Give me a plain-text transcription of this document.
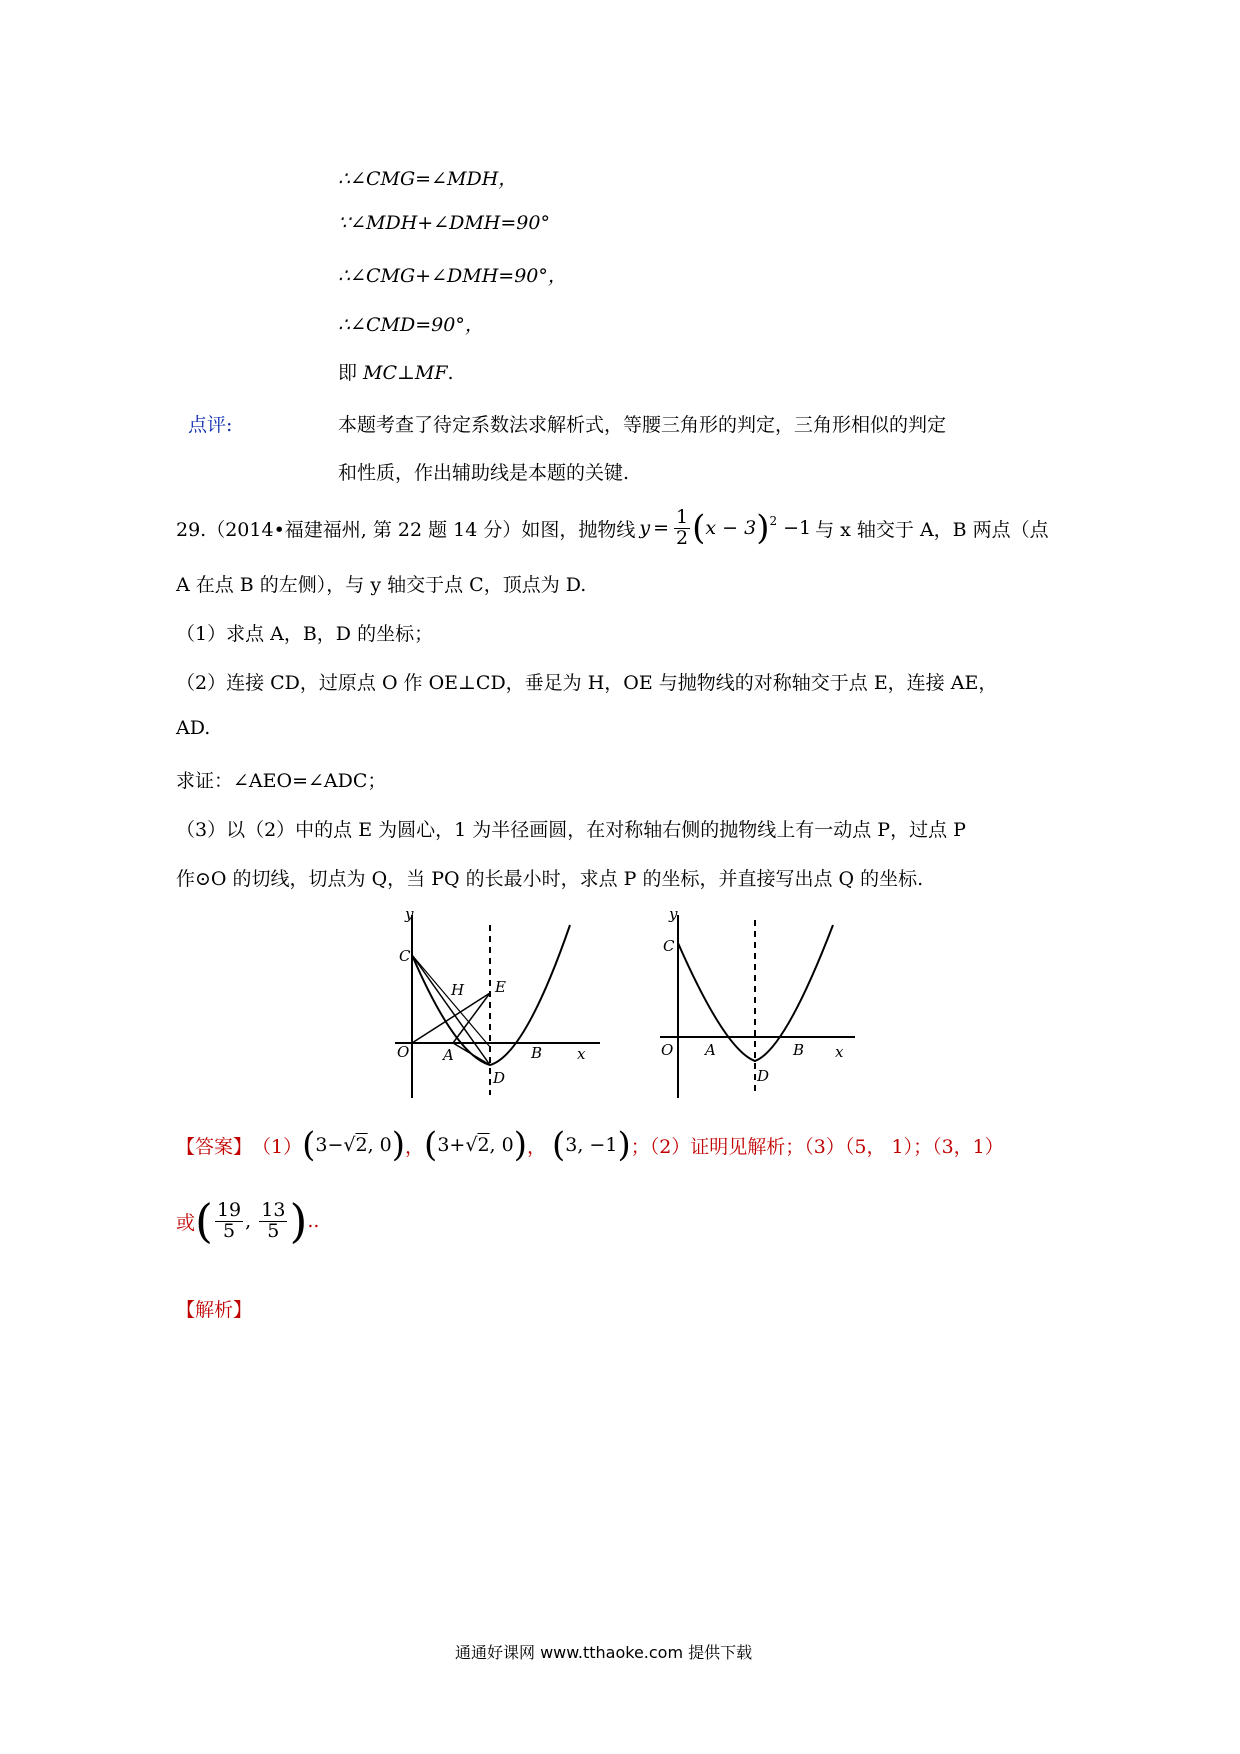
∴∠CMG=∠MDH，
∵∠MDH+∠DMH=90°
∴∠CMG+∠DMH=90°，
∴∠CMD=90°，
即 MC⊥MF.
点评:	本题考查了待定系数法求解析式，等腰三角形的判定，三角形相似的判定
和性质，作出辅助线是本题的关键.
29.（2014•福建福州, 第 22 题 14 分）如图，抛物线 $y = \frac{1}{2}$ ( x − 3 )$^2$ −1 与 x 轴交于 A，B 两点（点
A 在点 B 的左侧），与 y 轴交于点 C，顶点为 D.
（1）求点 A，B，D 的坐标；
（2）连接 CD，过原点 O 作 OE⊥CD，垂足为 H，OE 与抛物线的对称轴交于点 E，连接 AE，
AD.
求证：∠AEO=∠ADC；
（3）以（2）中的点 E 为圆心，1 为半径画圆，在对称轴右侧的抛物线上有一动点 P，过点 P
作⊙O 的切线，切点为 Q，当 PQ 的长最小时，求点 P 的坐标，并直接写出点 Q 的坐标.
y
C
H E
O A	B x
D
y
C
O A	B x
D
【答案】 （1） ( 3− √ 2 , 0 ) ， ( 3+ √ 2 , 0 ) ， ( 3, −1 ) ；（2）证明见解析；（3）（5， 1）；（3，1）
或 ( $\frac{19}{5}$ , $\frac{13}{5}$ ) ..
【解析】
通通好课网 www.tthaoke.com 提供下载
